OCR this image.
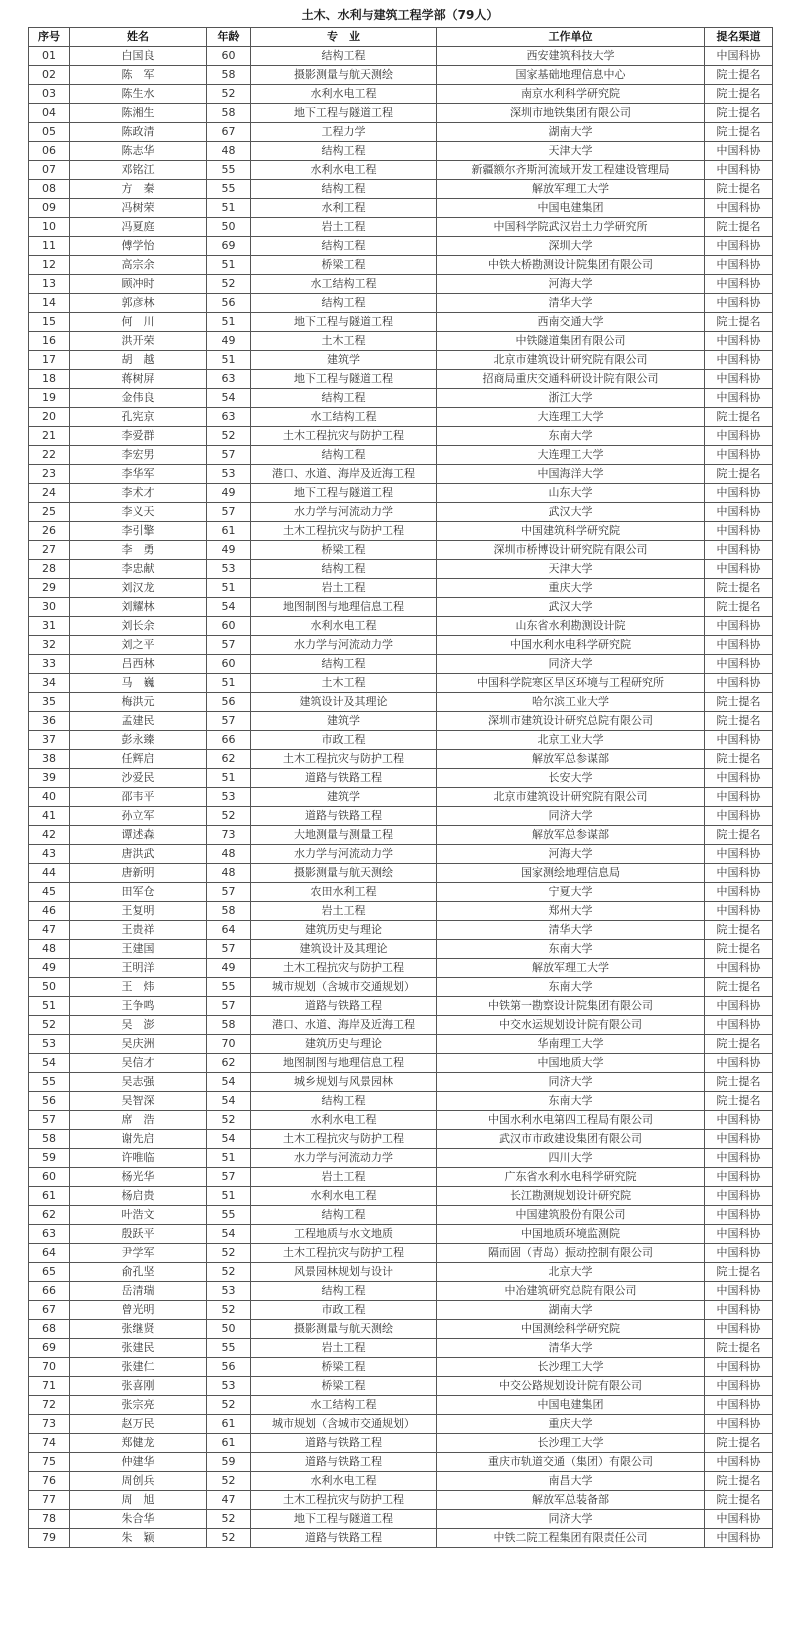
土木、水利与建筑工程学部（79人）
序号	姓名	年龄	专　业	工作单位	提名渠道
01	白国良	60	结构工程	西安建筑科技大学	中国科协
02	陈　军	58	摄影测量与航天测绘	国家基础地理信息中心	院士提名
03	陈生水	52	水利水电工程	南京水利科学研究院	院士提名
04	陈湘生	58	地下工程与隧道工程	深圳市地铁集团有限公司	院士提名
05	陈政清	67	工程力学	湖南大学	院士提名
06	陈志华	48	结构工程	天津大学	中国科协
07	邓铭江	55	水利水电工程	新疆额尔齐斯河流域开发工程建设管理局	中国科协
08	方　秦	55	结构工程	解放军理工大学	院士提名
09	冯树荣	51	水利工程	中国电建集团	中国科协
10	冯夏庭	50	岩土工程	中国科学院武汉岩土力学研究所	院士提名
11	傅学怡	69	结构工程	深圳大学	中国科协
12	高宗余	51	桥梁工程	中铁大桥勘测设计院集团有限公司	中国科协
13	顾冲时	52	水工结构工程	河海大学	中国科协
14	郭彦林	56	结构工程	清华大学	中国科协
15	何　川	51	地下工程与隧道工程	西南交通大学	院士提名
16	洪开荣	49	土木工程	中铁隧道集团有限公司	中国科协
17	胡　越	51	建筑学	北京市建筑设计研究院有限公司	中国科协
18	蒋树屏	63	地下工程与隧道工程	招商局重庆交通科研设计院有限公司	中国科协
19	金伟良	54	结构工程	浙江大学	中国科协
20	孔宪京	63	水工结构工程	大连理工大学	院士提名
21	李爱群	52	土木工程抗灾与防护工程	东南大学	中国科协
22	李宏男	57	结构工程	大连理工大学	中国科协
23	李华军	53	港口、水道、海岸及近海工程	中国海洋大学	院士提名
24	李术才	49	地下工程与隧道工程	山东大学	中国科协
25	李义天	57	水力学与河流动力学	武汉大学	中国科协
26	李引擎	61	土木工程抗灾与防护工程	中国建筑科学研究院	中国科协
27	李　勇	49	桥梁工程	深圳市桥博设计研究院有限公司	中国科协
28	李忠献	53	结构工程	天津大学	中国科协
29	刘汉龙	51	岩土工程	重庆大学	院士提名
30	刘耀林	54	地图制图与地理信息工程	武汉大学	院士提名
31	刘长余	60	水利水电工程	山东省水利勘测设计院	中国科协
32	刘之平	57	水力学与河流动力学	中国水利水电科学研究院	中国科协
33	吕西林	60	结构工程	同济大学	中国科协
34	马　巍	51	土木工程	中国科学院寒区旱区环境与工程研究所	中国科协
35	梅洪元	56	建筑设计及其理论	哈尔滨工业大学	院士提名
36	孟建民	57	建筑学	深圳市建筑设计研究总院有限公司	院士提名
37	彭永臻	66	市政工程	北京工业大学	中国科协
38	任辉启	62	土木工程抗灾与防护工程	解放军总参谋部	院士提名
39	沙爱民	51	道路与铁路工程	长安大学	中国科协
40	邵韦平	53	建筑学	北京市建筑设计研究院有限公司	中国科协
41	孙立军	52	道路与铁路工程	同济大学	中国科协
42	谭述森	73	大地测量与测量工程	解放军总参谋部	院士提名
43	唐洪武	48	水力学与河流动力学	河海大学	中国科协
44	唐新明	48	摄影测量与航天测绘	国家测绘地理信息局	中国科协
45	田军仓	57	农田水利工程	宁夏大学	中国科协
46	王复明	58	岩土工程	郑州大学	中国科协
47	王贵祥	64	建筑历史与理论	清华大学	院士提名
48	王建国	57	建筑设计及其理论	东南大学	院士提名
49	王明洋	49	土木工程抗灾与防护工程	解放军理工大学	中国科协
50	王　炜	55	城市规划（含城市交通规划）	东南大学	院士提名
51	王争鸣	57	道路与铁路工程	中铁第一勘察设计院集团有限公司	中国科协
52	吴　澎	58	港口、水道、海岸及近海工程	中交水运规划设计院有限公司	中国科协
53	吴庆洲	70	建筑历史与理论	华南理工大学	院士提名
54	吴信才	62	地图制图与地理信息工程	中国地质大学	中国科协
55	吴志强	54	城乡规划与风景园林	同济大学	院士提名
56	吴智深	54	结构工程	东南大学	院士提名
57	席　浩	52	水利水电工程	中国水利水电第四工程局有限公司	中国科协
58	谢先启	54	土木工程抗灾与防护工程	武汉市市政建设集团有限公司	中国科协
59	许唯临	51	水力学与河流动力学	四川大学	中国科协
60	杨光华	57	岩土工程	广东省水利水电科学研究院	中国科协
61	杨启贵	51	水利水电工程	长江勘测规划设计研究院	中国科协
62	叶浩文	55	结构工程	中国建筑股份有限公司	中国科协
63	殷跃平	54	工程地质与水文地质	中国地质环境监测院	中国科协
64	尹学军	52	土木工程抗灾与防护工程	隔而固（青岛）振动控制有限公司	中国科协
65	俞孔坚	52	风景园林规划与设计	北京大学	院士提名
66	岳清瑞	53	结构工程	中冶建筑研究总院有限公司	中国科协
67	曾光明	52	市政工程	湖南大学	中国科协
68	张继贤	50	摄影测量与航天测绘	中国测绘科学研究院	中国科协
69	张建民	55	岩土工程	清华大学	院士提名
70	张建仁	56	桥梁工程	长沙理工大学	中国科协
71	张喜刚	53	桥梁工程	中交公路规划设计院有限公司	中国科协
72	张宗亮	52	水工结构工程	中国电建集团	中国科协
73	赵万民	61	城市规划（含城市交通规划）	重庆大学	中国科协
74	郑健龙	61	道路与铁路工程	长沙理工大学	院士提名
75	仲建华	59	道路与铁路工程	重庆市轨道交通（集团）有限公司	中国科协
76	周创兵	52	水利水电工程	南昌大学	院士提名
77	周　旭	47	土木工程抗灾与防护工程	解放军总装备部	院士提名
78	朱合华	52	地下工程与隧道工程	同济大学	中国科协
79	朱　颖	52	道路与铁路工程	中铁二院工程集团有限责任公司	中国科协
